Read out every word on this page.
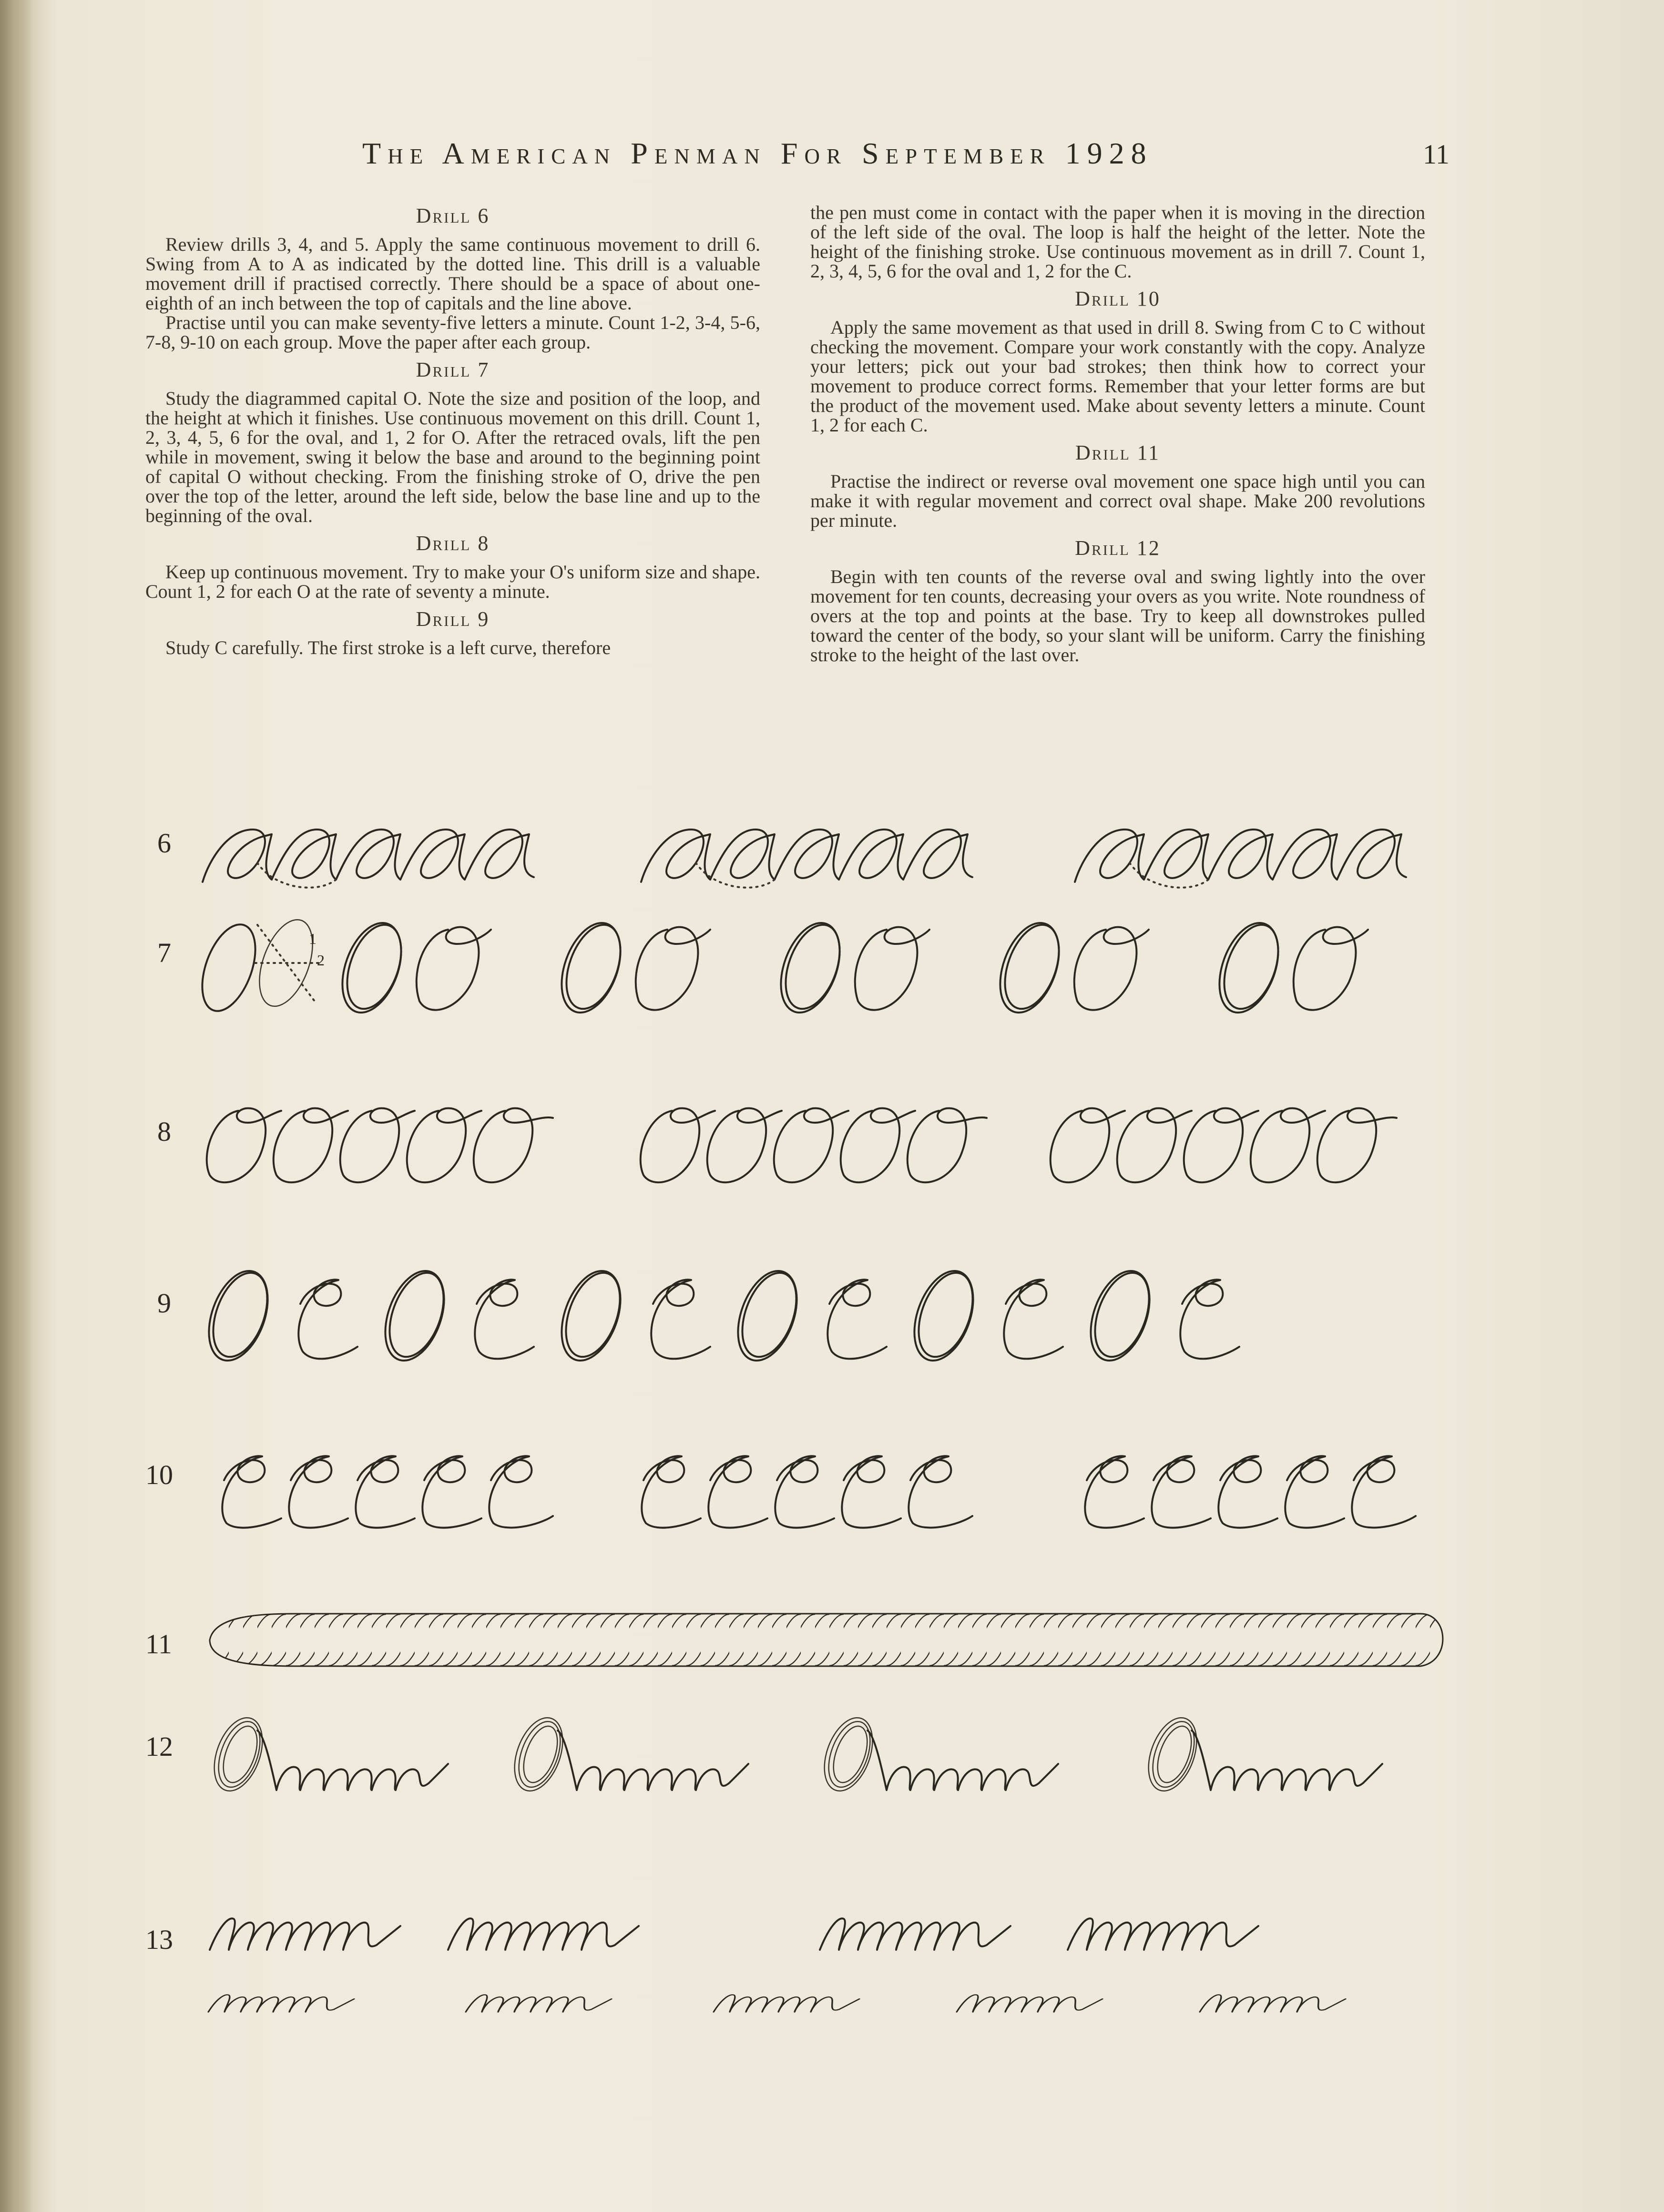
The American Penman For September 1928	11
Drill 6

Review drills 3, 4, and 5. Apply the same continuous movement to drill 6. Swing from A to A as indicated by the dotted line. This drill is a valuable movement drill if practised correctly. There should be a space of about one-eighth of an inch between the top of capitals and the line above.

Practise until you can make seventy-five letters a minute. Count 1-2, 3-4, 5-6, 7-8, 9-10 on each group. Move the paper after each group.

Drill 7

Study the diagrammed capital O. Note the size and position of the loop, and the height at which it finishes. Use continuous movement on this drill. Count 1, 2, 3, 4, 5, 6 for the oval, and 1, 2 for O. After the retraced ovals, lift the pen while in movement, swing it below the base and around to the beginning point of capital O without checking. From the finishing stroke of O, drive the pen over the top of the letter, around the left side, below the base line and up to the beginning of the oval.

Drill 8

Keep up continuous movement. Try to make your O's uniform size and shape. Count 1, 2 for each O at the rate of seventy a minute.

Drill 9

Study C carefully. The first stroke is a left curve, therefore

the pen must come in contact with the paper when it is moving in the direction of the left side of the oval. The loop is half the height of the letter. Note the height of the finishing stroke. Use continuous movement as in drill 7. Count 1, 2, 3, 4, 5, 6 for the oval and 1, 2 for the C.

Drill 10

Apply the same movement as that used in drill 8. Swing from C to C without checking the movement. Compare your work constantly with the copy. Analyze your letters; pick out your bad strokes; then think how to correct your movement to produce correct forms. Remember that your letter forms are but the product of the movement used. Make about seventy letters a minute. Count 1, 2 for each C.

Drill 11

Practise the indirect or reverse oval movement one space high until you can make it with regular movement and correct oval shape. Make 200 revolutions per minute.

Drill 12

Begin with ten counts of the reverse oval and swing lightly into the over movement for ten counts, decreasing your overs as you write. Note roundness of overs at the top and points at the base. Try to keep all downstrokes pulled toward the center of the body, so your slant will be uniform. Carry the finishing stroke to the height of the last over.

6
7
8
9
10
11
12
13
1
2
